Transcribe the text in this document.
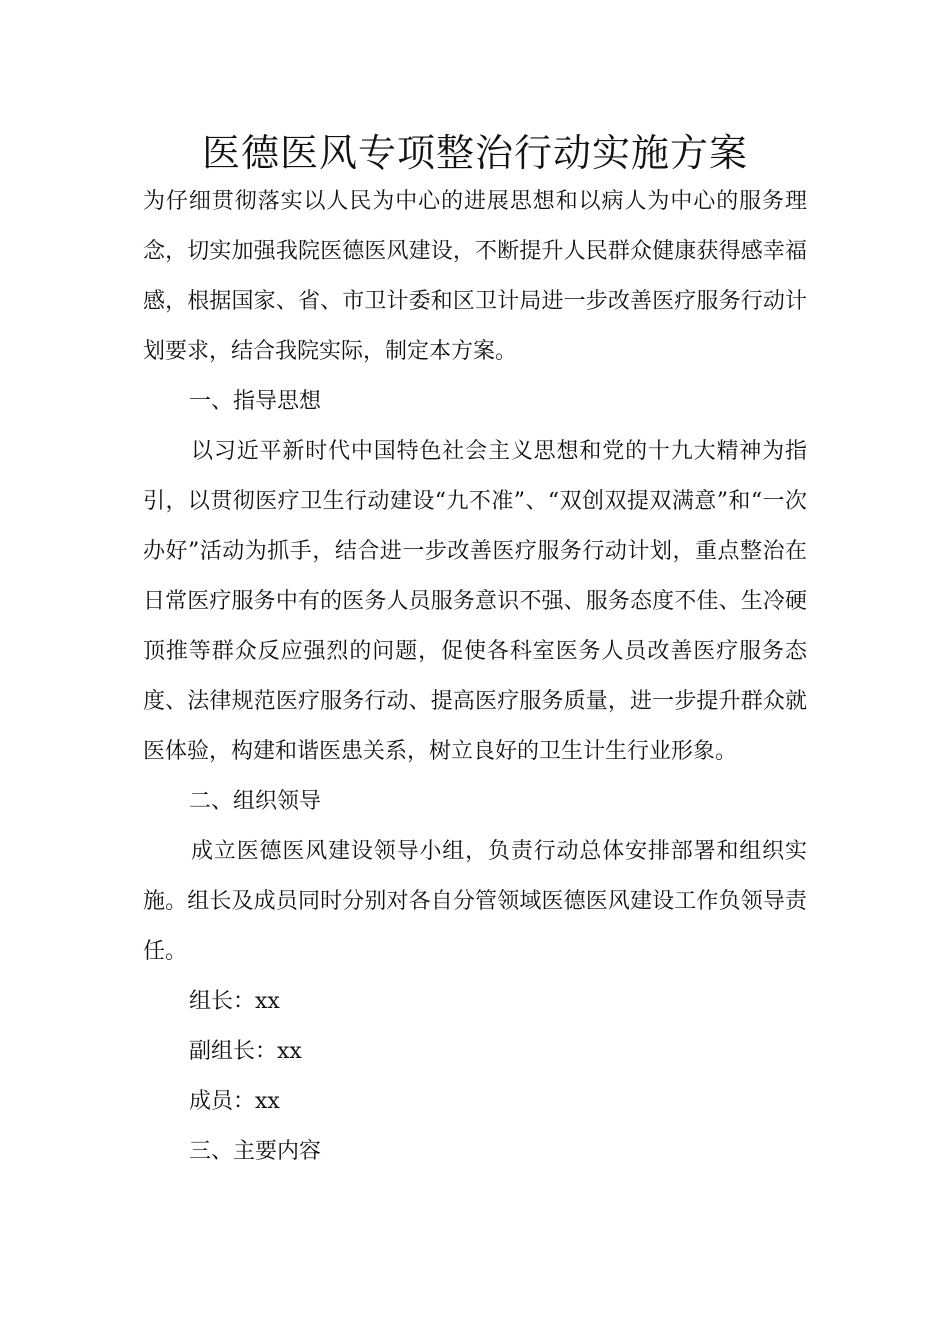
医德医风专项整治行动实施方案

为仔细贯彻落实以人民为中心的进展思想和以病人为中心的服务理念，切实加强我院医德医风建设，不断提升人民群众健康获得感幸福感，根据国家、省、市卫计委和区卫计局进一步改善医疗服务行动计划要求，结合我院实际，制定本方案。

一、指导思想

以习近平新时代中国特色社会主义思想和党的十九大精神为指引，以贯彻医疗卫生行动建设“九不准”、“双创双提双满意”和“一次办好”活动为抓手，结合进一步改善医疗服务行动计划，重点整治在日常医疗服务中有的医务人员服务意识不强、服务态度不佳、生冷硬顶推等群众反应强烈的问题，促使各科室医务人员改善医疗服务态度、法律规范医疗服务行动、提高医疗服务质量，进一步提升群众就医体验，构建和谐医患关系，树立良好的卫生计生行业形象。

二、组织领导

成立医德医风建设领导小组，负责行动总体安排部署和组织实施。组长及成员同时分别对各自分管领域医德医风建设工作负领导责任。

组长：xx

副组长：xx

成员：xx

三、主要内容
